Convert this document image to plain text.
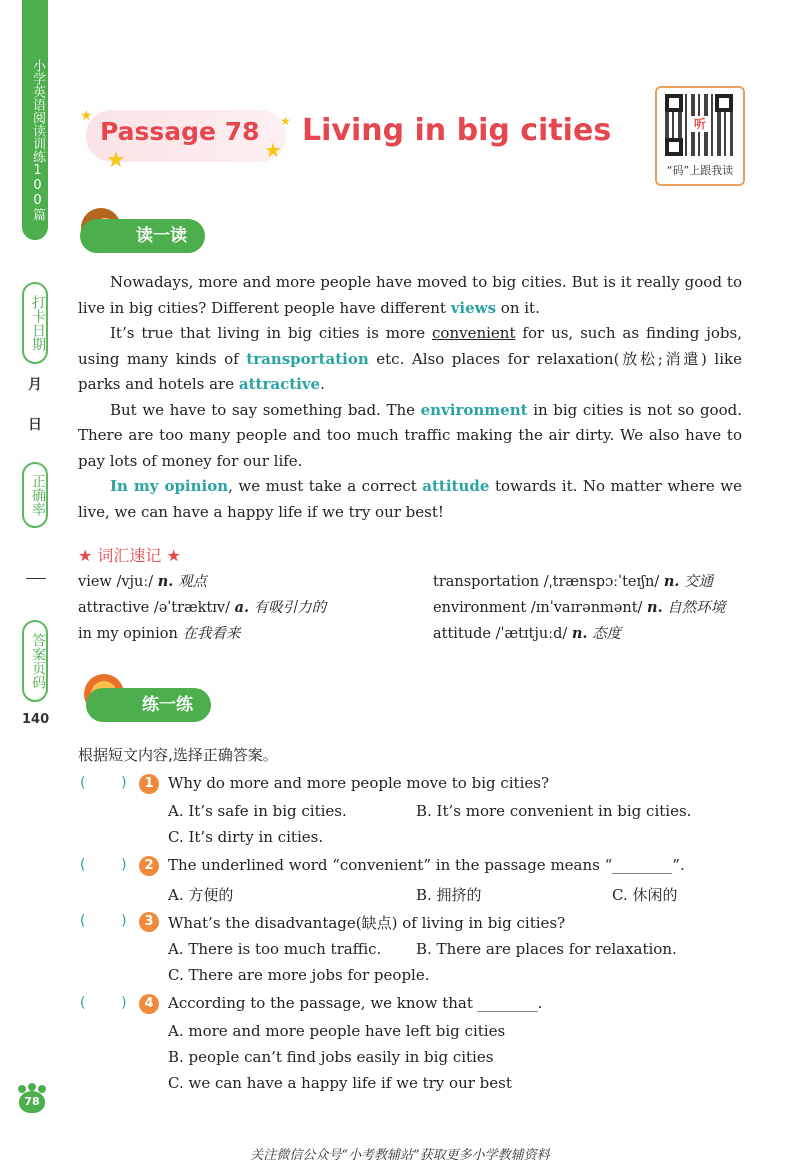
小学英语阅读训练100篇
打卡日期
月
日
正确率
答案页码
140
★
★	★
★
Passage 78 Living in big cities	听
“码”上跟我读
读一读

Nowadays, more and more people have moved to big cities. But is it really good to live in big cities? Different people have different views on it.

It’s true that living in big cities is more convenient for us, such as finding jobs, using many kinds of transportation etc. Also places for relaxation(放松;消遣) like parks and hotels are attractive.

But we have to say something bad. The environment in big cities is not so good. There are too many people and too much traffic making the air dirty. We also have to pay lots of money for our life.

In my opinion, we must take a correct attitude towards it. No matter where we live, we can have a happy life if we try our best!

★ 词汇速记 ★
view /vjuː/ n. 观点	transportation /ˌtrænspɔːˈteɪʃn/ n. 交通
attractive /əˈtræktɪv/ a. 有吸引力的	environment /ɪnˈvaɪrənmənt/ n. 自然环境
in my opinion 在我看来	attitude /ˈætɪtjuːd/ n. 态度
练一练
根据短文内容,选择正确答案。
(        )	1 Why do more and more people move to big cities?
A. It’s safe in big cities.	B. It’s more convenient in big cities.
C. It’s dirty in cities.
(        )	2 The underlined word “convenient” in the passage means “________”.
A. 方便的	B. 拥挤的	C. 休闲的
(        )	3 What’s the disadvantage(缺点) of living in big cities?
A. There is too much traffic. B. There are places for relaxation.
C. There are more jobs for people.
(        )	4 According to the passage, we know that ________.
A. more and more people have left big cities
B. people can’t find jobs easily in big cities
C. we can have a happy life if we try our best
78
关注微信公众号“小考教辅站”获取更多小学教辅资料
